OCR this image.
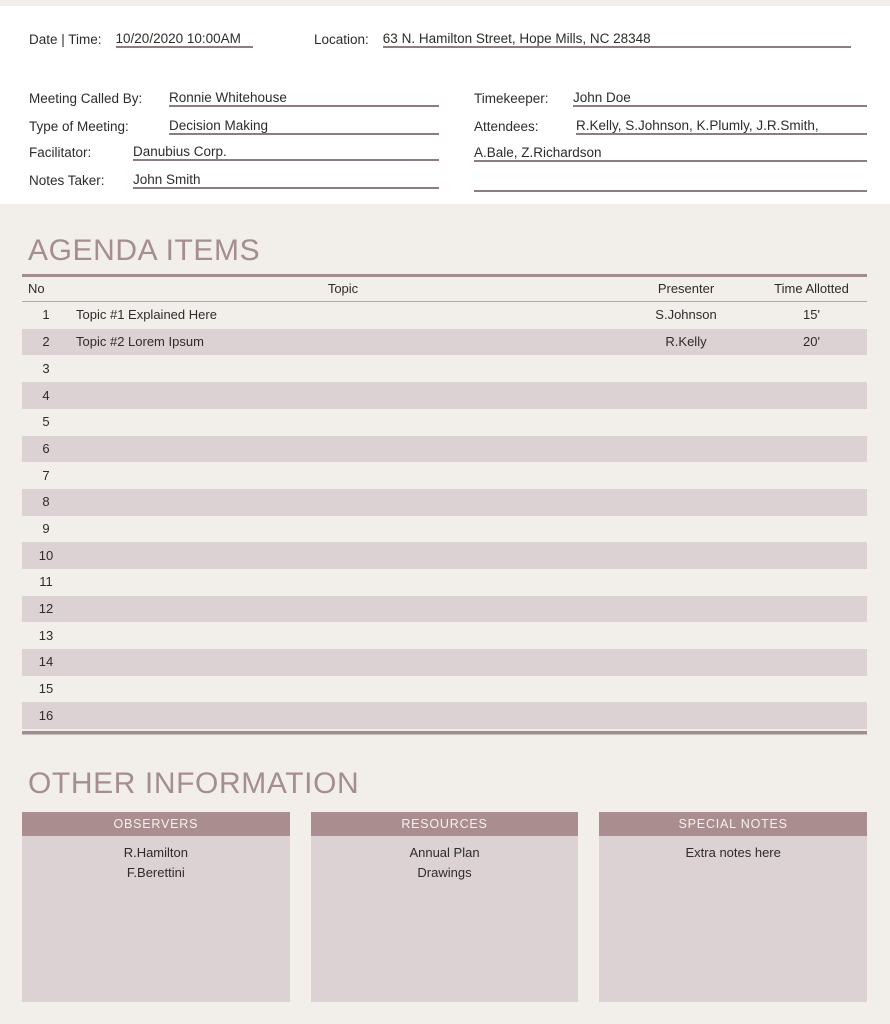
Date | Time: 10/20/2020 10:00AM	Location: 63 N. Hamilton Street, Hope Mills, NC 28348
Meeting Called By:	Ronnie Whitehouse
Type of Meeting:	Decision Making
Facilitator:	Danubius Corp.
Notes Taker:	John Smith
Timekeeper:	John Doe
Attendees:	R.Kelly, S.Johnson, K.Plumly, J.R.Smith,
A.Bale, Z.Richardson
AGENDA ITEMS
No	Topic	Presenter	Time Allotted
1	Topic #1 Explained Here	S.Johnson	15'
2	Topic #2 Lorem Ipsum	R.Kelly	20'
3
4
5
6
7
8
9
10
11
12
13
14
15
16
OTHER INFORMATION
OBSERVERS
R.Hamilton
F.Berettini
RESOURCES
Annual Plan
Drawings
SPECIAL NOTES
Extra notes here
